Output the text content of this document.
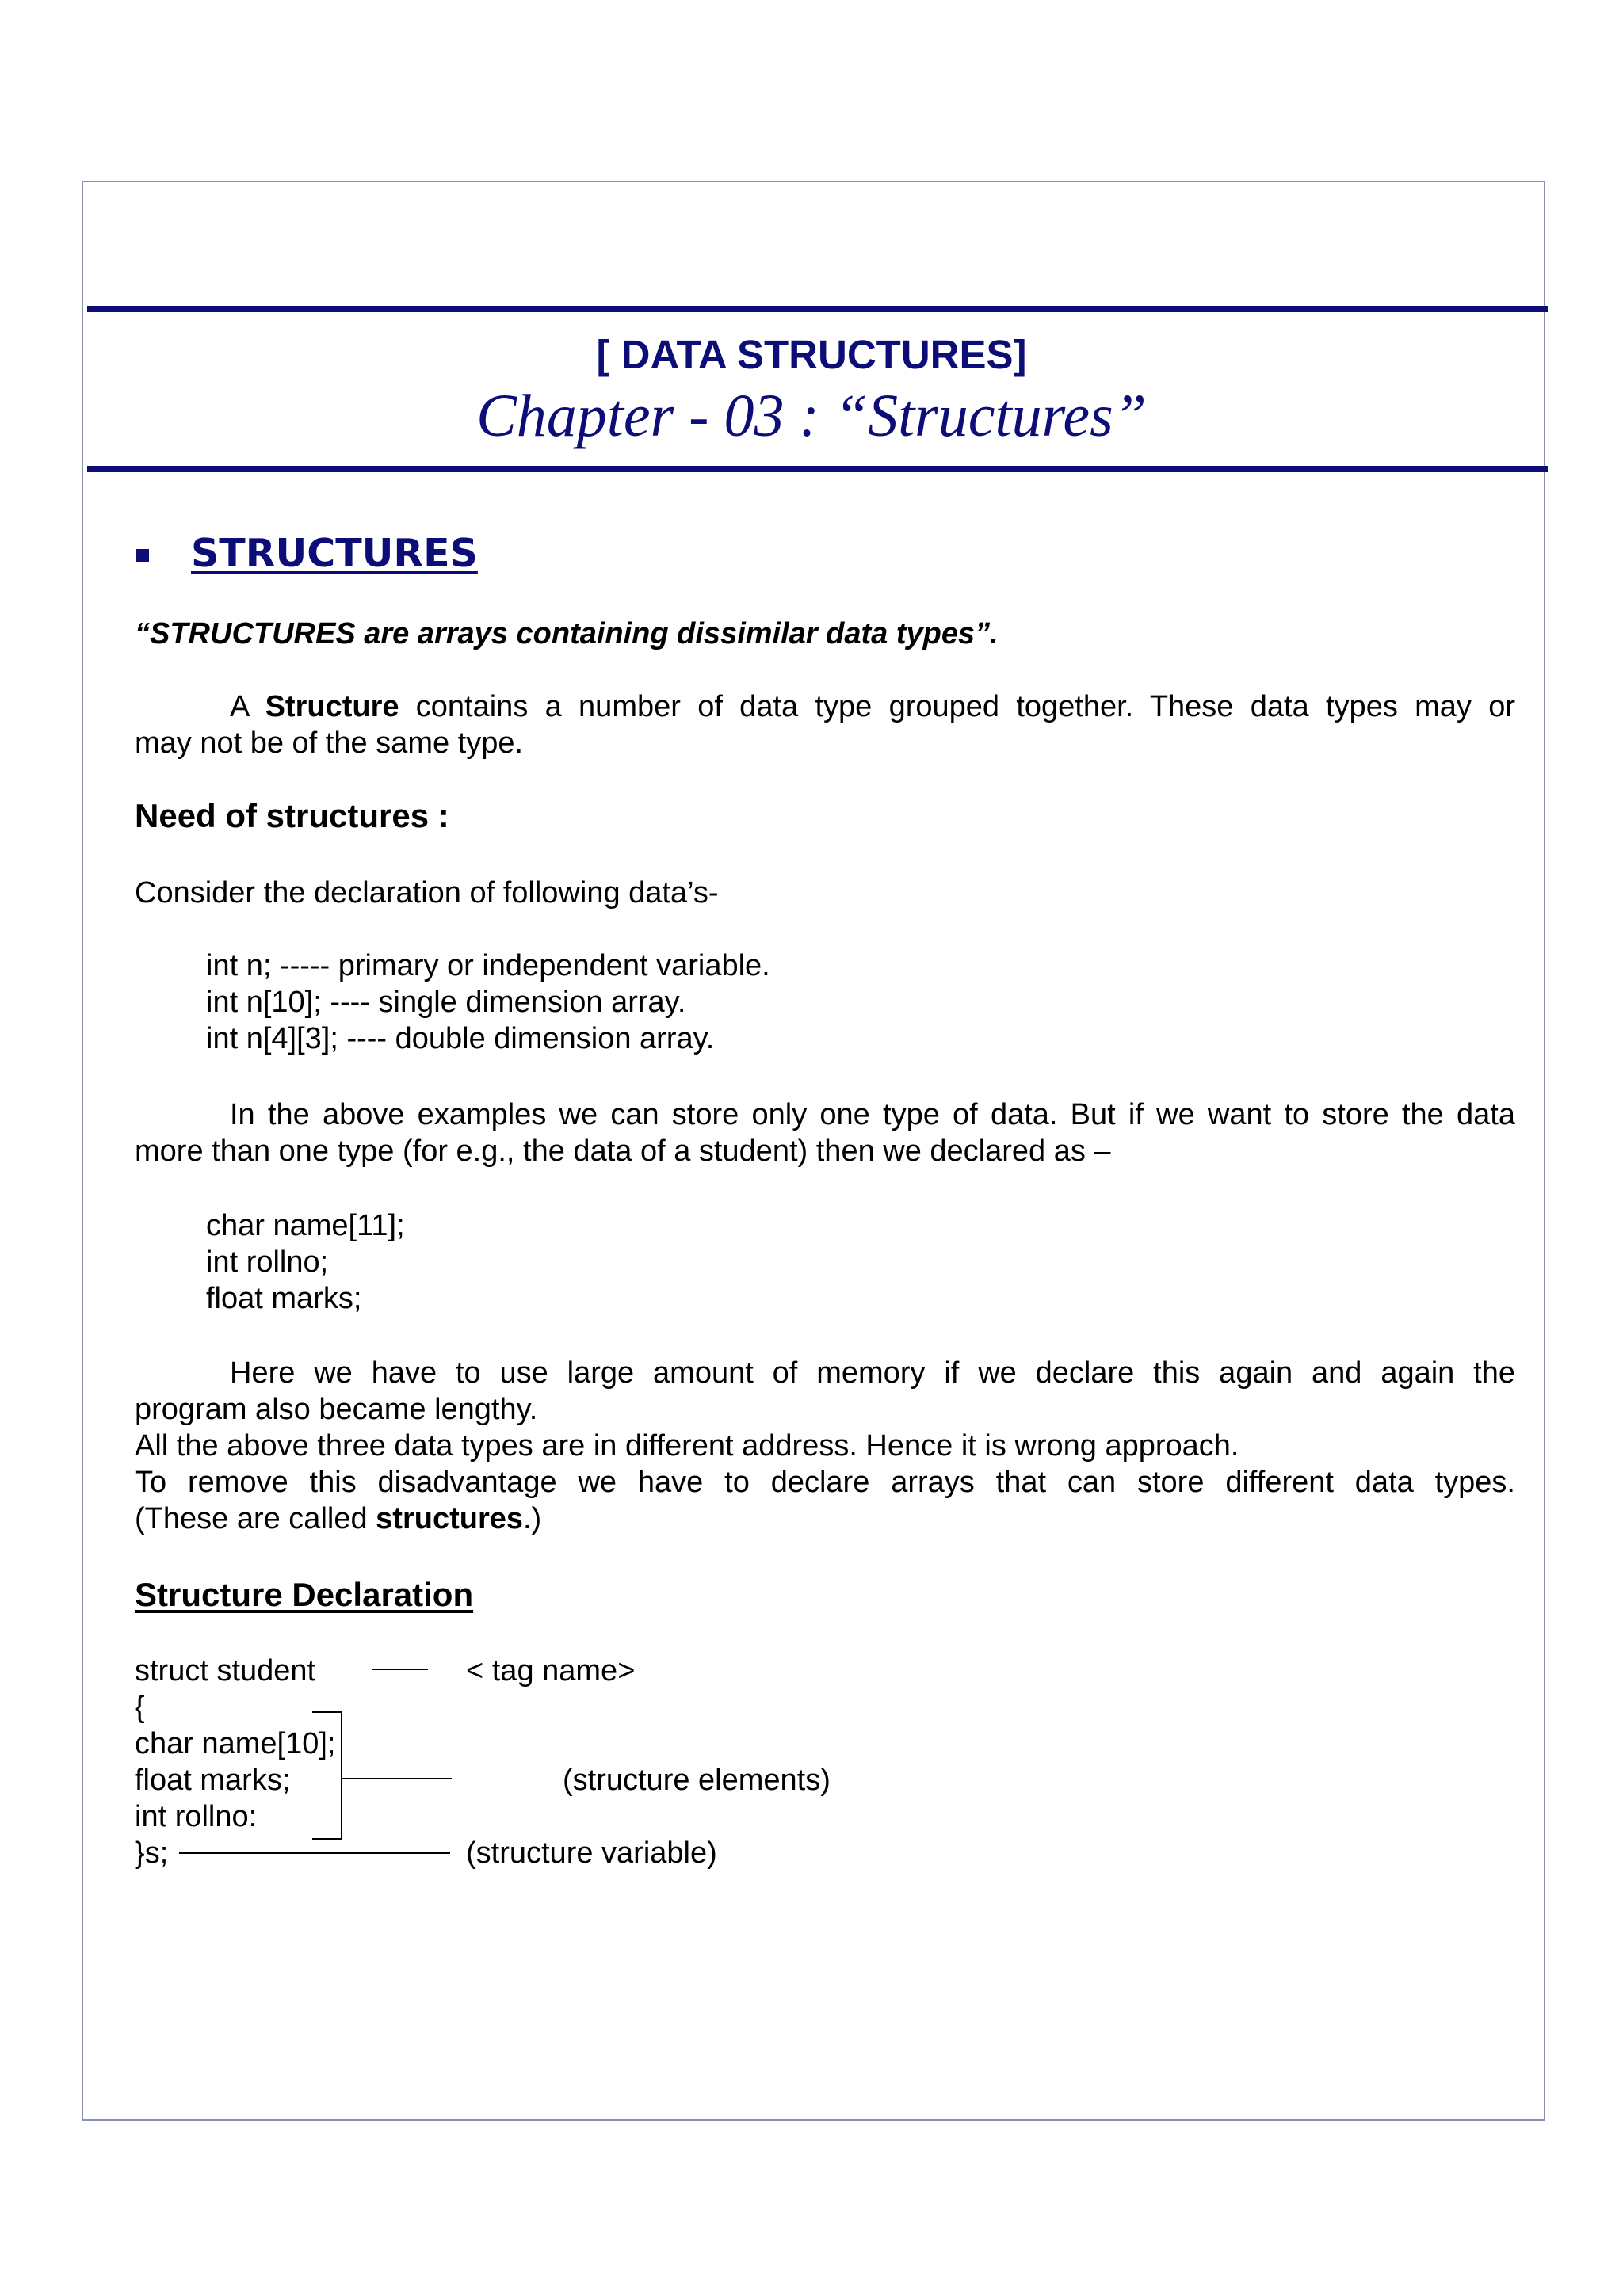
[ DATA STRUCTURES]
Chapter - 03 : “Structures”
STRUCTURES
“STRUCTURES are arrays containing dissimilar data types”.
A Structure contains a number of data type grouped together. These data types may or
may not be of the same type.
Need of structures :
Consider the declaration of following data’s-
int n; ----- primary or independent variable.
int n[10]; ---- single dimension array.
int n[4][3]; ---- double dimension array.
In the above examples we can store only one type of data. But if we want to store the data
more than one type (for e.g., the data of a student) then we declared as –
char name[11];
int rollno;
float marks;
Here we have to use large amount of memory if we declare this again and again the
program also became lengthy.
All the above three data types are in different address. Hence it is wrong approach.
To remove this disadvantage we have to declare arrays that can store different data types.
(These are called structures.)
Structure Declaration
struct student
{
char name[10];
float marks;
int rollno:
}s;
< tag name>
(structure elements)
(structure variable)
